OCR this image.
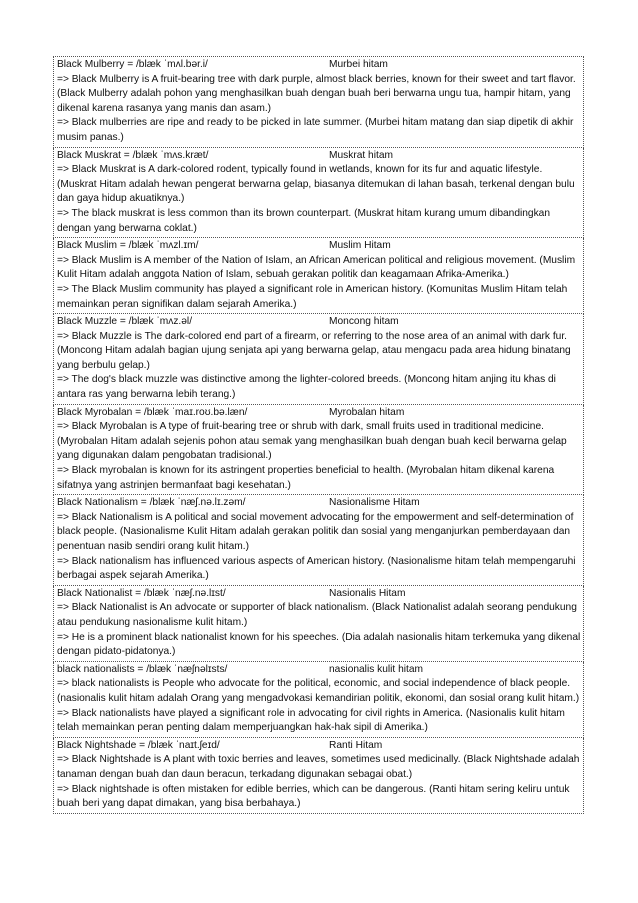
Black Mulberry = /blæk ˈmʌl.bər.i/	Murbei hitam
=> Black Mulberry is A fruit-bearing tree with dark purple, almost black berries, known for their sweet and tart flavor. (Black Mulberry adalah pohon yang menghasilkan buah dengan buah beri berwarna ungu tua, hampir hitam, yang dikenal karena rasanya yang manis dan asam.)
=> Black mulberries are ripe and ready to be picked in late summer. (Murbei hitam matang dan siap dipetik di akhir musim panas.)
Black Muskrat = /blæk ˈmʌs.kræt/	Muskrat hitam
=> Black Muskrat is A dark-colored rodent, typically found in wetlands, known for its fur and aquatic lifestyle. (Muskrat Hitam adalah hewan pengerat berwarna gelap, biasanya ditemukan di lahan basah, terkenal dengan bulu dan gaya hidup akuatiknya.)
=> The black muskrat is less common than its brown counterpart. (Muskrat hitam kurang umum dibandingkan dengan yang berwarna coklat.)
Black Muslim = /blæk ˈmʌzl.ɪm/	Muslim Hitam
=> Black Muslim is A member of the Nation of Islam, an African American political and religious movement. (Muslim Kulit Hitam adalah anggota Nation of Islam, sebuah gerakan politik dan keagamaan Afrika-Amerika.)
=> The Black Muslim community has played a significant role in American history. (Komunitas Muslim Hitam telah memainkan peran signifikan dalam sejarah Amerika.)
Black Muzzle = /blæk ˈmʌz.əl/	Moncong hitam
=> Black Muzzle is The dark-colored end part of a firearm, or referring to the nose area of an animal with dark fur. (Moncong Hitam adalah bagian ujung senjata api yang berwarna gelap, atau mengacu pada area hidung binatang yang berbulu gelap.)
=> The dog's black muzzle was distinctive among the lighter-colored breeds. (Moncong hitam anjing itu khas di antara ras yang berwarna lebih terang.)
Black Myrobalan = /blæk ˈmaɪ.roʊ.bə.læn/	Myrobalan hitam
=> Black Myrobalan is A type of fruit-bearing tree or shrub with dark, small fruits used in traditional medicine. (Myrobalan Hitam adalah sejenis pohon atau semak yang menghasilkan buah dengan buah kecil berwarna gelap yang digunakan dalam pengobatan tradisional.)
=> Black myrobalan is known for its astringent properties beneficial to health. (Myrobalan hitam dikenal karena sifatnya yang astrinjen bermanfaat bagi kesehatan.)
Black Nationalism = /blæk ˈnæʃ.nə.lɪ.zəm/	Nasionalisme Hitam
=> Black Nationalism is A political and social movement advocating for the empowerment and self-determination of black people. (Nasionalisme Kulit Hitam adalah gerakan politik dan sosial yang menganjurkan pemberdayaan dan penentuan nasib sendiri orang kulit hitam.)
=> Black nationalism has influenced various aspects of American history. (Nasionalisme hitam telah mempengaruhi berbagai aspek sejarah Amerika.)
Black Nationalist = /blæk ˈnæʃ.nə.lɪst/	Nasionalis Hitam
=> Black Nationalist is An advocate or supporter of black nationalism. (Black Nationalist adalah seorang pendukung atau pendukung nasionalisme kulit hitam.)
=> He is a prominent black nationalist known for his speeches. (Dia adalah nasionalis hitam terkemuka yang dikenal dengan pidato-pidatonya.)
black nationalists = /blæk ˈnæʃnəlɪsts/	nasionalis kulit hitam
=> black nationalists is People who advocate for the political, economic, and social independence of black people. (nasionalis kulit hitam adalah Orang yang mengadvokasi kemandirian politik, ekonomi, dan sosial orang kulit hitam.)
=> Black nationalists have played a significant role in advocating for civil rights in America. (Nasionalis kulit hitam telah memainkan peran penting dalam memperjuangkan hak-hak sipil di Amerika.)
Black Nightshade = /blæk ˈnaɪt.ʃeɪd/	Ranti Hitam
=> Black Nightshade is A plant with toxic berries and leaves, sometimes used medicinally. (Black Nightshade adalah tanaman dengan buah dan daun beracun, terkadang digunakan sebagai obat.)
=> Black nightshade is often mistaken for edible berries, which can be dangerous. (Ranti hitam sering keliru untuk buah beri yang dapat dimakan, yang bisa berbahaya.)
